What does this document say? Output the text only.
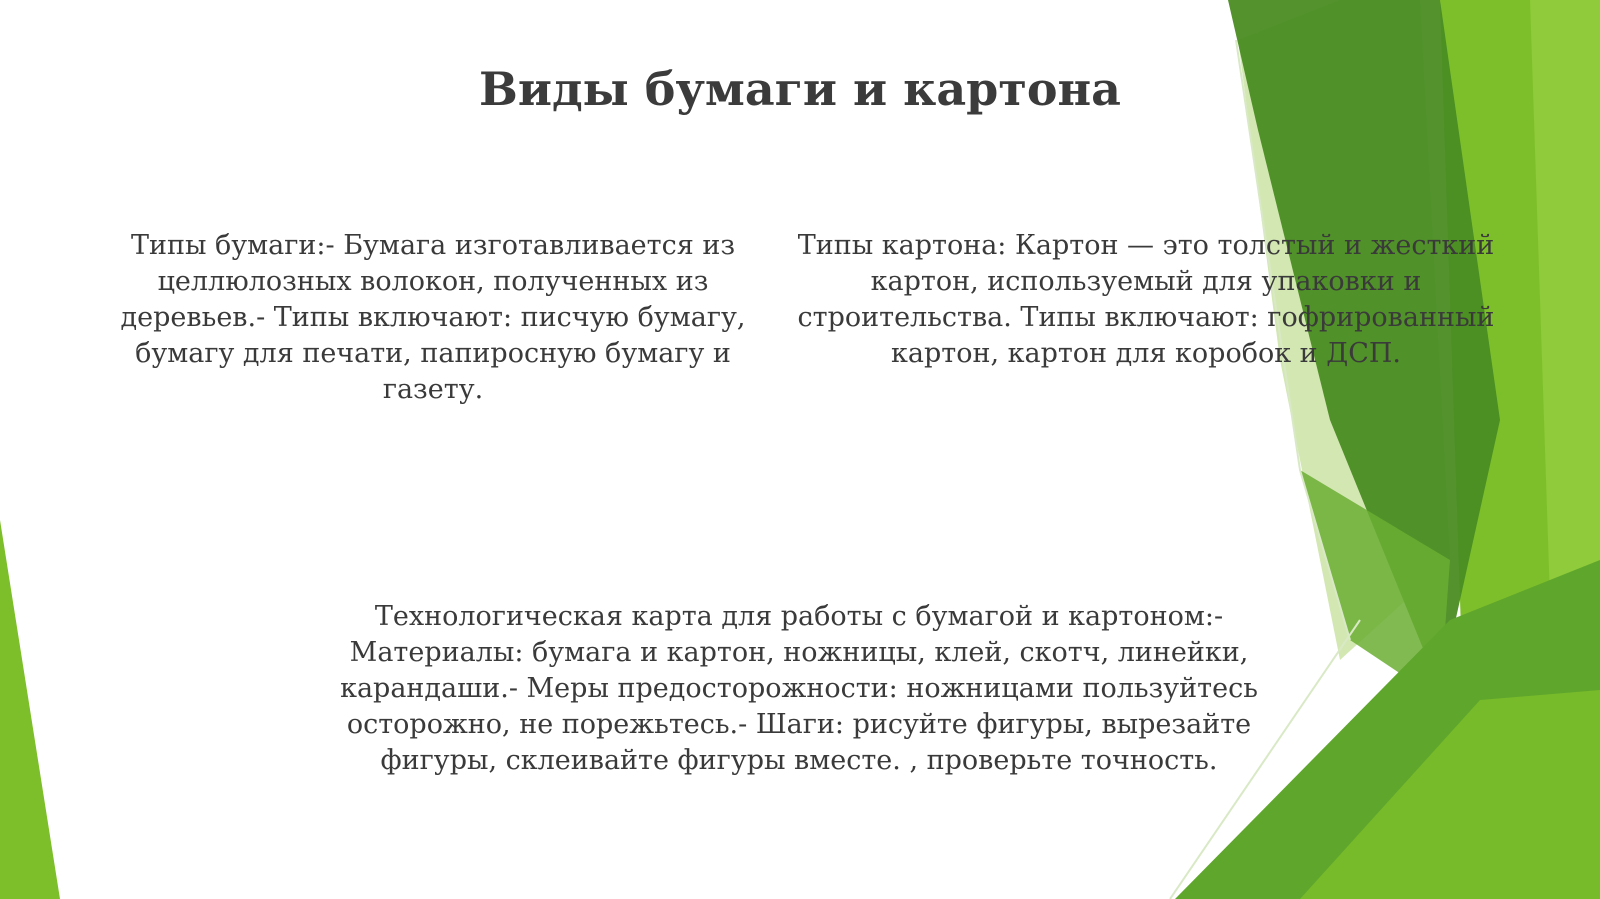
Виды бумаги и картона

Типы бумаги:- Бумага изготавливается из целлюлозных волокон, полученных из деревьев.- Типы включают: писчую бумагу, бумагу для печати, папиросную бумагу и газету.

Типы картона: Картон — это толстый и жесткий картон, используемый для упаковки и строительства. Типы включают: гофрированный картон, картон для коробок и ДСП.

Технологическая карта для работы с бумагой и картоном:- Материалы: бумага и картон, ножницы, клей, скотч, линейки, карандаши.- Меры предосторожности: ножницами пользуйтесь осторожно, не порежьтесь.- Шаги: рисуйте фигуры, вырезайте фигуры, склеивайте фигуры вместе. , проверьте точность.
